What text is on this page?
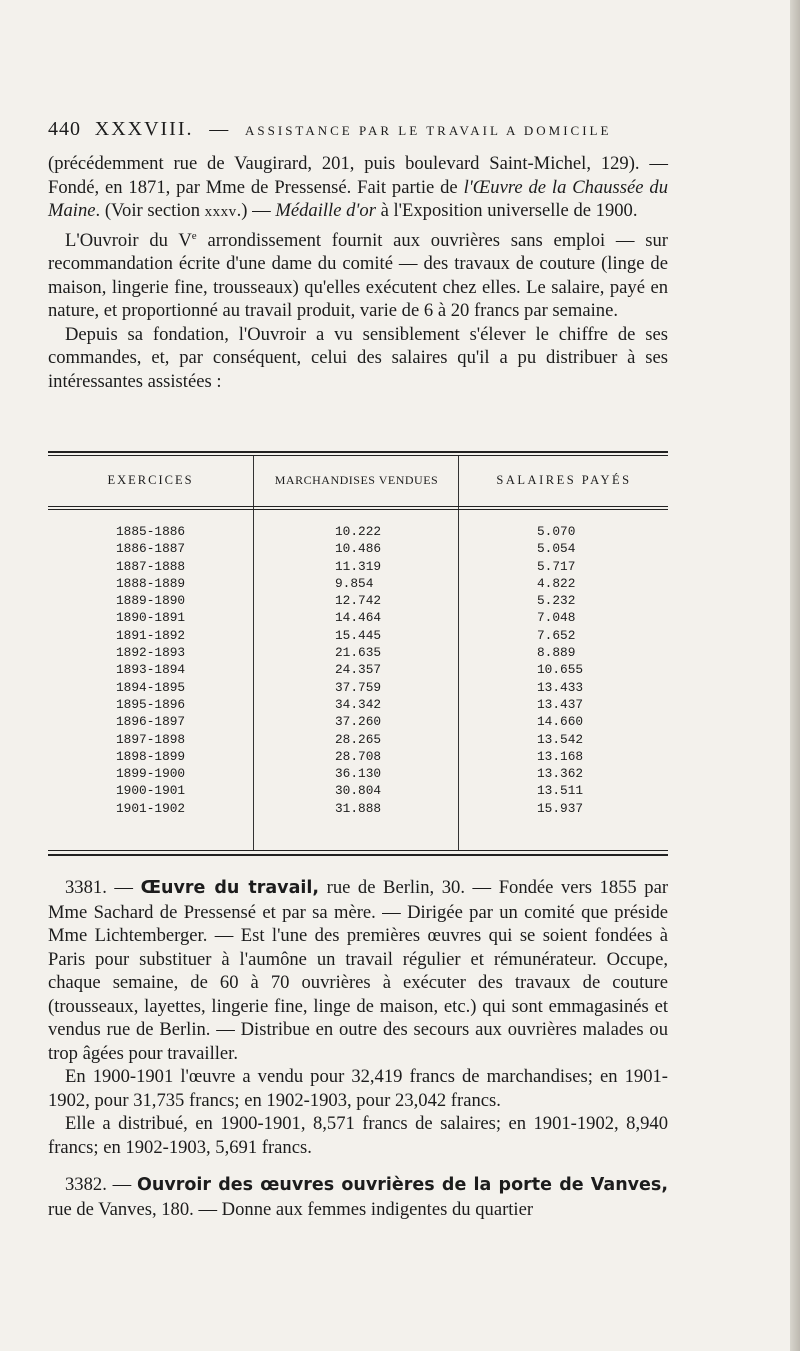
440 XXXVIII. — ASSISTANCE PAR LE TRAVAIL A DOMICILE

(précédemment rue de Vaugirard, 201, puis boulevard Saint-Michel, 129). — Fondé, en 1871, par Mme de Pressensé. Fait partie de l'Œuvre de la Chaussée du Maine. (Voir section xxxv.) — Médaille d'or à l'Exposition universelle de 1900.

L'Ouvroir du Ve arrondissement fournit aux ouvrières sans emploi — sur recommandation écrite d'une dame du comité — des travaux de couture (linge de maison, lingerie fine, trousseaux) qu'elles exécutent chez elles. Le salaire, payé en nature, et proportionné au travail produit, varie de 6 à 20 francs par semaine.

Depuis sa fondation, l'Ouvroir a vu sensiblement s'élever le chiffre de ses commandes, et, par conséquent, celui des salaires qu'il a pu distribuer à ses intéressantes assistées :

EXERCICES	MARCHANDISES VENDUES	SALAIRES PAYÉS
1885-1886	10.222	5.070
1886-1887	10.486	5.054
1887-1888	11.319	5.717
1888-1889	9.854	4.822
1889-1890	12.742	5.232
1890-1891	14.464	7.048
1891-1892	15.445	7.652
1892-1893	21.635	8.889
1893-1894	24.357	10.655
1894-1895	37.759	13.433
1895-1896	34.342	13.437
1896-1897	37.260	14.660
1897-1898	28.265	13.542
1898-1899	28.708	13.168
1899-1900	36.130	13.362
1900-1901	30.804	13.511
1901-1902	31.888	15.937

3381. — Œuvre du travail, rue de Berlin, 30. — Fondée vers 1855 par Mme Sachard de Pressensé et par sa mère. — Dirigée par un comité que préside Mme Lichtemberger. — Est l'une des premières œuvres qui se soient fondées à Paris pour substituer à l'aumône un travail régulier et rémunérateur. Occupe, chaque semaine, de 60 à 70 ouvrières à exécuter des travaux de couture (trousseaux, layettes, lingerie fine, linge de maison, etc.) qui sont emmagasinés et vendus rue de Berlin. — Distribue en outre des secours aux ouvrières malades ou trop âgées pour travailler.

En 1900-1901 l'œuvre a vendu pour 32,419 francs de marchandises; en 1901-1902, pour 31,735 francs; en 1902-1903, pour 23,042 francs.

Elle a distribué, en 1900-1901, 8,571 francs de salaires; en 1901-1902, 8,940 francs; en 1902-1903, 5,691 francs.

3382. — Ouvroir des œuvres ouvrières de la porte de Vanves, rue de Vanves, 180. — Donne aux femmes indigentes du quartier
